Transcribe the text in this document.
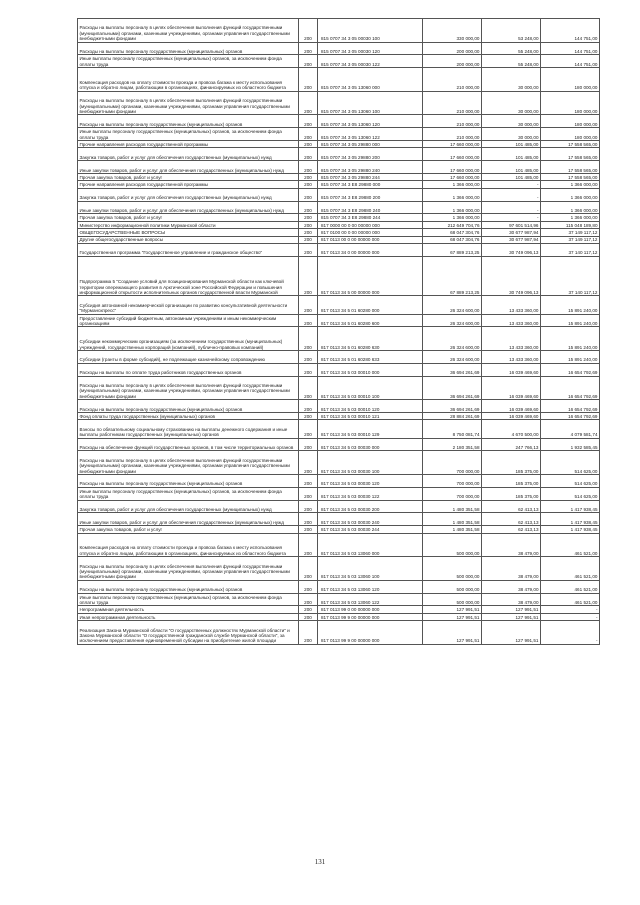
Расходы на выплаты персоналу в целях обеспечения выполнения функций государственными (муниципальными) органами, казенными учреждениями, органами управления государственными внебюджетными фондами	200	815 0707 34 3 05 00030 100	330 000,00	53 248,00	144 751,00
Расходы на выплаты персоналу государственных (муниципальных) органов	200	815 0707 34 3 05 00030 120	200 000,00	55 248,00	144 751,00
Иные выплаты персоналу государственных (муниципальных) органов, за исключением фонда оплаты труда	200	815 0707 34 3 05 00030 122	200 000,00	55 248,00	144 751,00
Компенсация расходов на оплату стоимости проезда и провоза багажа к месту использования отпуска и обратно лицам, работающим в организациях, финансируемых из областного бюджета	200	815 0707 34 3 05 13060 000	210 000,00	30 000,00	180 000,00
Расходы на выплаты персоналу в целях обеспечения выполнения функций государственными (муниципальными) органами, казенными учреждениями, органами управления государственными внебюджетными фондами	200	815 0707 34 3 05 13060 100	210 000,00	30 000,00	180 000,00
Расходы на выплаты персоналу государственных (муниципальных) органов	200	815 0707 34 3 05 13060 120	210 000,00	30 000,00	180 000,00
Иные выплаты персоналу государственных (муниципальных) органов, за исключением фонда оплаты труда	200	815 0707 34 3 05 13060 122	210 000,00	30 000,00	180 000,00
Прочие направления расходов государственной программы	200	815 0707 34 3 05 29880 000	17 660 000,00	101 485,00	17 558 565,00
Закупка товаров, работ и услуг для обеспечения государственных (муниципальных) нужд	200	815 0707 34 3 05 29880 200	17 660 000,00	101 485,00	17 558 565,00
Иные закупки товаров, работ и услуг для обеспечения государственных (муниципальных) нужд	200	815 0707 34 3 05 29880 240	17 660 000,00	101 485,00	17 558 565,00
Прочая закупка товаров, работ и услуг	200	815 0707 34 3 05 29880 244	17 660 000,00	101 485,00	17 558 565,00
Прочие направления расходов государственной программы	200	815 0707 34 3 Е8 29880 000	1 366 000,00	-	1 366 000,00
Закупка товаров, работ и услуг для обеспечения государственных (муниципальных) нужд	200	815 0707 34 3 Е8 29880 200	1 366 000,00	-	1 366 000,00
Иные закупки товаров, работ и услуг для обеспечения государственных (муниципальных) нужд	200	815 0707 34 3 Е8 29880 240	1 366 000,00	-	1 366 000,00
Прочая закупка товаров, работ и услуг	200	815 0707 34 3 Е8 29880 244	1 366 000,00	-	1 366 000,00
Министерство информационной политики Мурманской области	200	817 0000 00 0 00 00000 000	212 649 704,76	97 601 514,96	115 048 189,80
ОБЩЕГОСУДАРСТВЕННЫЕ ВОПРОСЫ	200	817 0100 00 0 00 00000 000	68 047 304,76	30 677 987,94	37 149 117,12
Другие общегосударственные вопросы	200	817 0113 00 0 00 00000 000	68 047 304,76	30 677 987,94	37 149 117,12
Государственная программа "Государственное управление и гражданское общество"	200	817 0113 34 0 00 00000 000	67 889 213,25	30 749 096,13	37 140 117,12
Подпрограмма 5 "Создание условий для позиционирования Мурманской области как ключевой территории опережающего развития в Арктической зоне Российской Федерации и повышения информационной открытости исполнительных органов государственной власти Мурманской	200	817 0113 34 5 00 00000 000	67 889 213,25	30 749 096,13	37 140 117,12
Субсидия автономной некоммерческой организации по развитию консультативной деятельности "Мурманскпресс"	200	817 0113 34 5 01 60280 000	26 324 600,00	13 433 360,00	15 891 240,00
Предоставление субсидий бюджетным, автономным учреждениям и иным некоммерческим организациям	200	817 0113 34 5 01 60280 600	26 324 600,00	13 433 360,00	15 891 240,00
Субсидии некоммерческим организациям (за исключением государственных (муниципальных) учреждений, государственных корпораций (компаний), публично-правовых компаний)	200	817 0113 34 5 01 60280 630	26 324 600,00	13 433 360,00	15 891 240,00
Субсидии (гранты в форме субсидий), не подлежащие казначейскому сопровождению	200	817 0113 34 5 01 60280 633	26 324 600,00	13 433 360,00	15 891 240,00
Расходы на выплаты по оплате труда работников государственных органов	200	817 0113 34 5 03 00010 000	36 694 261,69	16 039 469,60	16 654 792,69
Расходы на выплаты персоналу в целях обеспечения выполнения функций государственными (муниципальными) органами, казенными учреждениями, органами управления государственными внебюджетными фондами	200	817 0113 34 5 03 00010 100	36 694 261,69	16 039 469,60	16 654 792,69
Расходы на выплаты персоналу государственных (муниципальных) органов	200	817 0113 34 5 03 00010 120	36 694 261,69	16 039 469,60	16 654 792,69
Фонд оплаты труда государственных (муниципальных) органов	200	817 0113 34 5 03 00010 121	28 884 261,69	16 039 469,60	16 654 792,69
Взносы по обязательному социальному страхованию на выплаты денежного содержания и иные выплаты работникам государственных (муниципальных) органов	200	817 0113 34 5 03 00010 129	8 750 081,74	4 670 500,00	4 079 581,74
Расходы на обеспечение функций государственных органов, в том числе территориальных органов	200	817 0113 34 5 03 00030 000	2 180 351,58	247 766,13	1 932 585,45
Расходы на выплаты персоналу в целях обеспечения выполнения функций государственными (муниципальными) органами, казенными учреждениями, органами управления государственными внебюджетными фондами	200	817 0113 34 5 03 00030 100	700 000,00	185 375,00	514 625,00
Расходы на выплаты персоналу государственных (муниципальных) органов	200	817 0113 34 5 03 00030 120	700 000,00	185 375,00	514 625,00
Иные выплаты персоналу государственных (муниципальных) органов, за исключением фонда оплаты труда	200	817 0113 34 5 03 00030 122	700 000,00	185 375,00	514 625,00
Закупка товаров, работ и услуг для обеспечения государственных (муниципальных) нужд	200	817 0113 34 5 03 00030 200	1 480 351,58	62 413,13	1 417 938,45
Иные закупки товаров, работ и услуг для обеспечения государственных (муниципальных) нужд	200	817 0113 34 5 03 00030 240	1 480 351,58	62 413,13	1 417 938,45
Прочая закупка товаров, работ и услуг	200	817 0113 34 5 03 00030 244	1 480 351,58	62 413,13	1 417 938,45
Компенсация расходов на оплату стоимости проезда и провоза багажа к месту использования отпуска и обратно лицам, работающим в организациях, финансируемых из областного бюджета	200	817 0113 34 5 03 13060 000	500 000,00	38 479,00	461 521,00
Расходы на выплаты персоналу в целях обеспечения выполнения функций государственными (муниципальными) органами, казенными учреждениями, органами управления государственными внебюджетными фондами	200	817 0113 34 5 03 13060 100	500 000,00	38 479,00	461 521,00
Расходы на выплаты персоналу государственных (муниципальных) органов	200	817 0113 34 5 03 13060 120	500 000,00	38 479,00	461 521,00
Иные выплаты персоналу государственных (муниципальных) органов, за исключением фонда оплаты труда	200	817 0113 34 5 03 13060 122	500 000,00	38 479,00	461 521,00
Непрограммная деятельность	200	817 0113 99 0 00 00000 000	127 991,51	127 991,51	-
Иная непрограммная деятельность	200	817 0113 99 9 00 00000 000	127 991,51	127 991,51	-
Реализация Закона Мурманской области "О государственных должностях Мурманской области" и Закона Мурманской области "О государственной гражданской службе Мурманской области", за исключением предоставления единовременной субсидии на приобретение жилой площади	200	817 0113 99 9 00 00000 000	127 991,51	127 991,51	-
131
